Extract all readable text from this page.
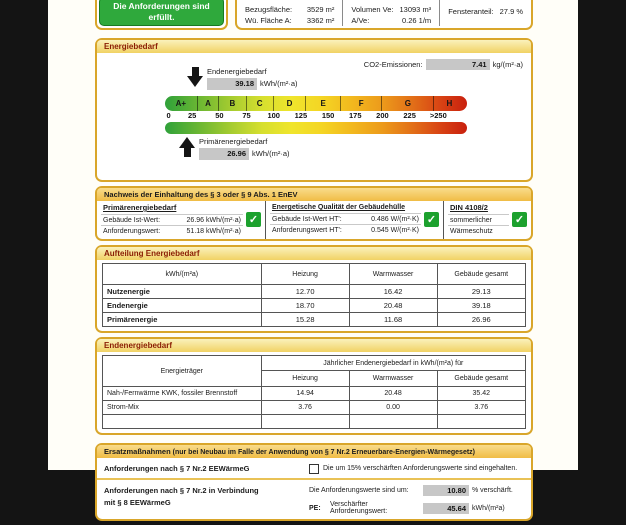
Die Anforderungen sind erfüllt.
Bezugsfläche: 3529 m²
Wü. Fläche A: 3362 m²
Volumen Ve: 13093 m³
A/Ve:	0.26 1/m
Fensteranteil: 27.9 %
Energiebedarf
CO2-Emissionen:	7.41 kg/(m²·a)
Endenergiebedarf
39.18 kWh/(m²·a)
A+	A	B	C	D	E	F	G	H
0 25	50	75 100 125 150 175 200 225 >250
Primärenergiebedarf
26.96 kWh/(m²·a)
Nachweis der Einhaltung des § 3 oder § 9 Abs. 1 EnEV
Primärenergiebedarf
Gebäude Ist-Wert:	26.96 kWh/(m²·a)
Anforderungswert:	51.18 kWh/(m²·a)
✓
Energetische Qualität der Gebäudehülle
Gebäude Ist-Wert HT':	0.486 W/(m²·K)
Anforderungswert HT':	0.545 W/(m²·K)
✓
DIN 4108/2
sommerlicher
Wärmeschutz
✓
Aufteilung Energiebedarf
kWh/(m²a)	Heizung	Warmwasser	Gebäude gesamt
Nutzenergie	12.70	16.42	29.13
Endenergie	18.70	20.48	39.18
Primärenergie	15.28	11.68	26.96
Endenergiebedarf
Energieträger	Jährlicher Endenergiebedarf in kWh/(m²a) für		
	Heizung	Warmwasser	Gebäude gesamt
Nah-/Fernwärme KWK, fossiler Brennstoff	14.94	20.48	35.42
Strom-Mix	3.76	0.00	3.76

Ersatzmaßnahmen (nur bei Neubau im Falle der Anwendung von § 7 Nr.2 Erneuerbare-Energien-Wärmegesetz)
Anforderungen nach § 7 Nr.2 EEWärmeG	Die um 15% verschärften Anforderungswerte sind eingehalten.
Anforderungen nach § 7 Nr.2 in Verbindung
mit § 8 EEWärmeG
Die Anforderungswerte sind um:	10.80 % verschärft.
PE:	Verschärfter Anforderungswert:	45.64 kWh/(m²a)
